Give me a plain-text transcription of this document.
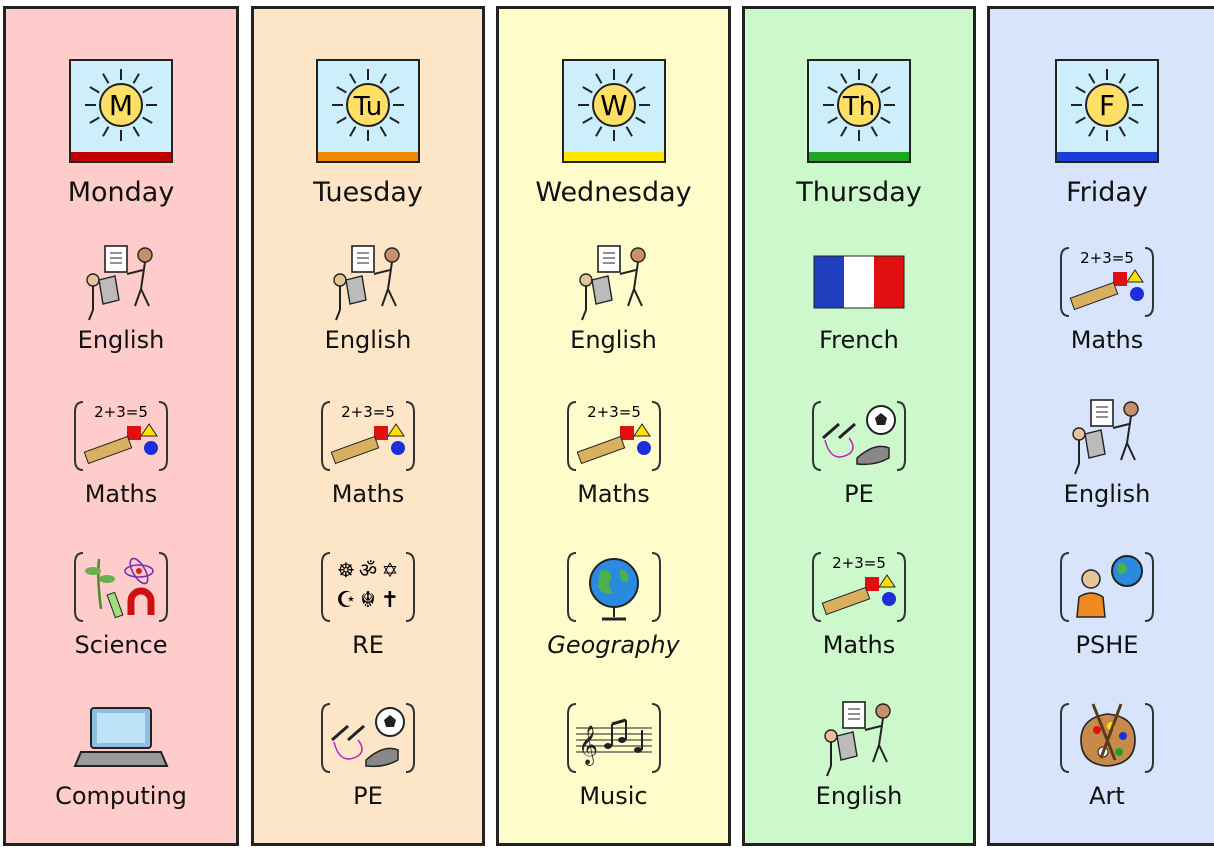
M
Monday
English
2+3=5
Maths
Science
Computing
Tu
Tuesday
English
2+3=5
Maths
☸ ॐ ✡
☪ ☬ ✝
RE
PE
W
Wednesday
English
2+3=5
Maths
Geography
𝄞
Music
Th
Thursday
French
PE
2+3=5
Maths
English
F
Friday
2+3=5
Maths
English
PSHE
Art
